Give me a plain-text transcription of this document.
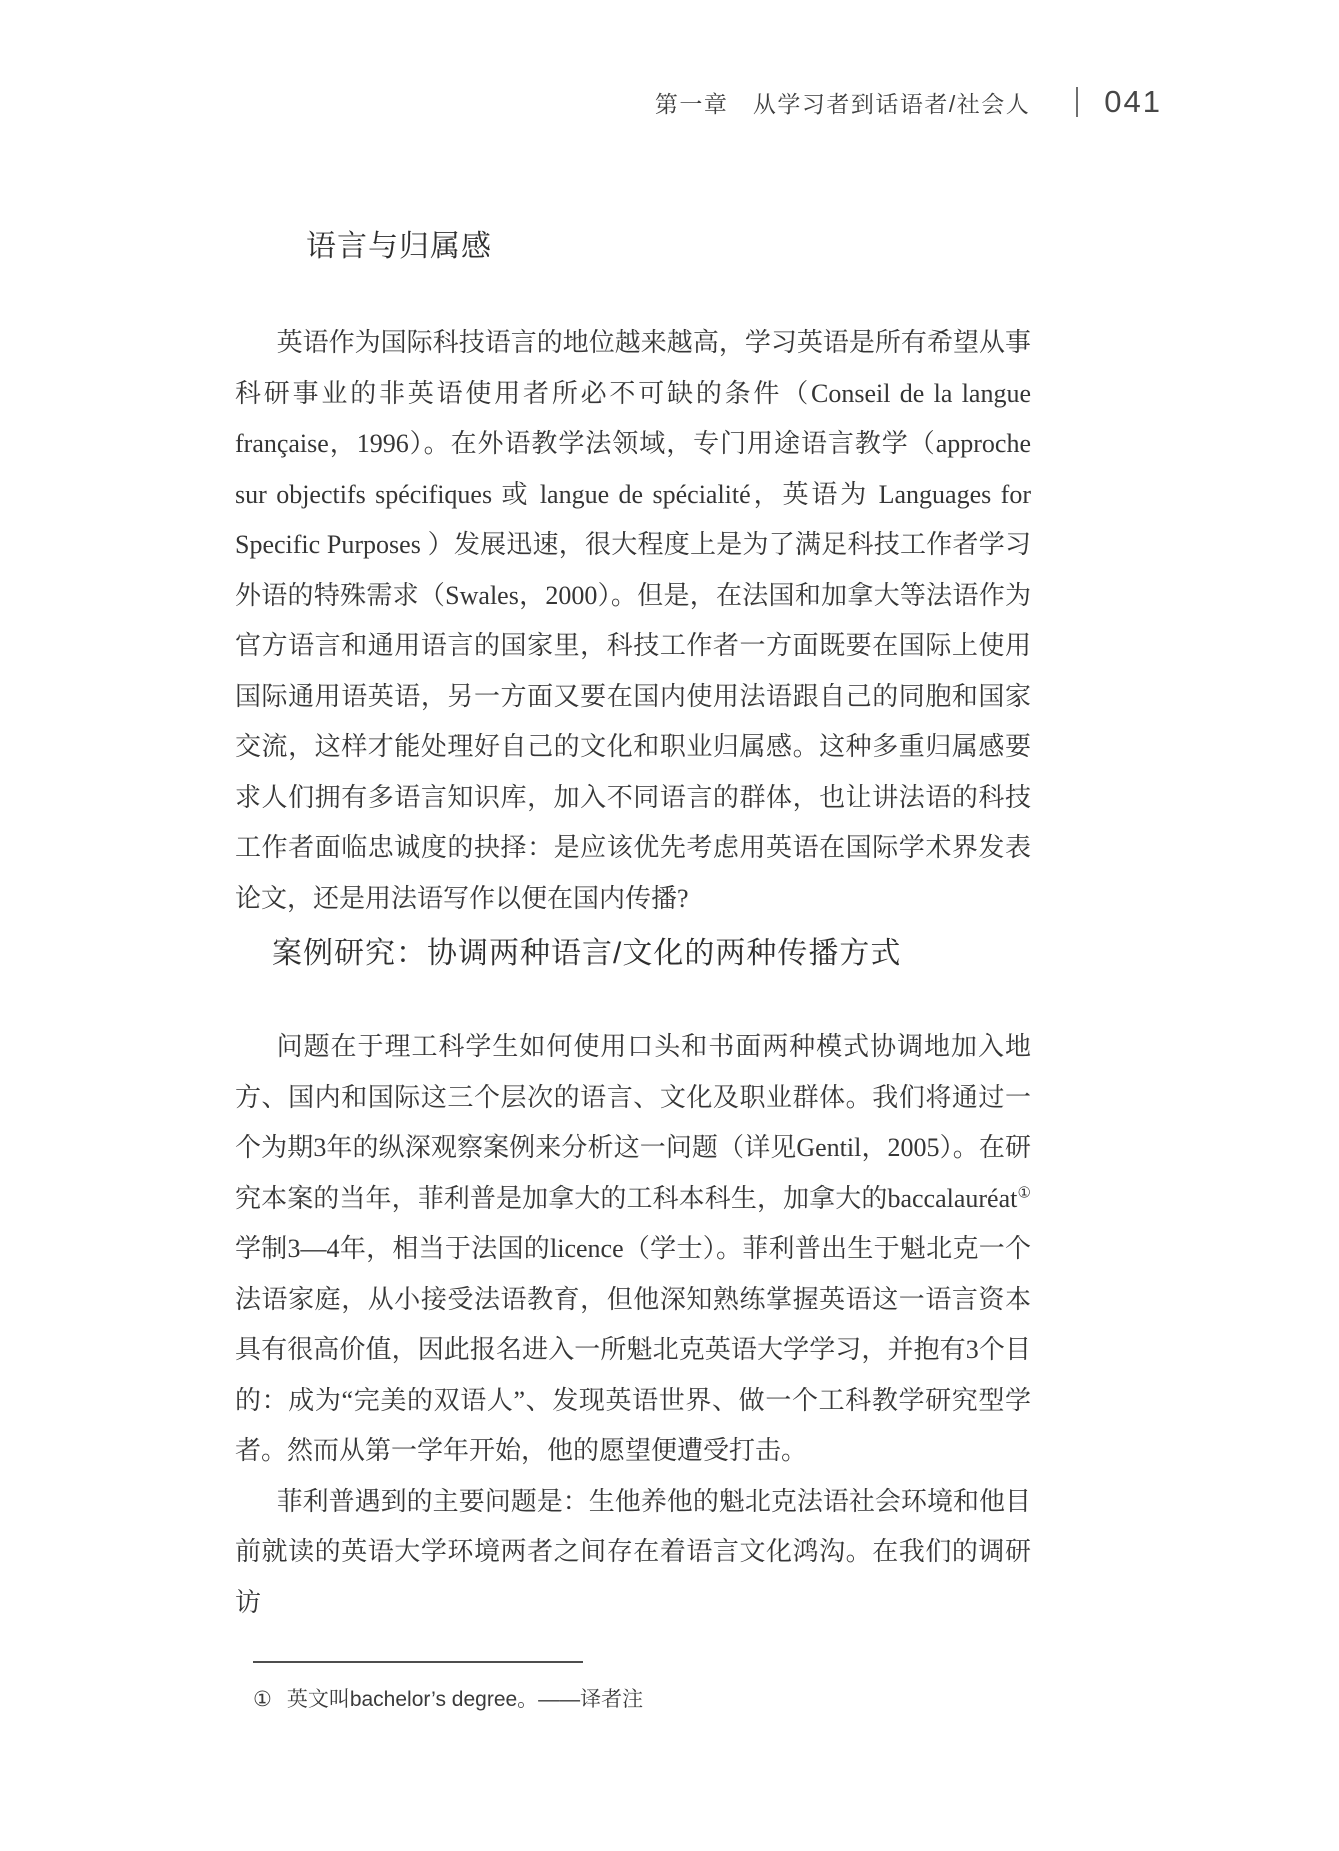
第一章　从学习者到话语者/社会人 041
语言与归属感

英语作为国际科技语言的地位越来越高，学习英语是所有希望从事科研事业的非英语使用者所必不可缺的条件（Conseil de la langue française，1996）。在外语教学法领域，专门用途语言教学（approche sur objectifs spécifiques 或 langue de spécialité，英语为 Languages for Specific Purposes ）发展迅速，很大程度上是为了满足科技工作者学习外语的特殊需求（Swales，2000）。但是，在法国和加拿大等法语作为官方语言和通用语言的国家里，科技工作者一方面既要在国际上使用国际通用语英语，另一方面又要在国内使用法语跟自己的同胞和国家交流，这样才能处理好自己的文化和职业归属感。这种多重归属感要求人们拥有多语言知识库，加入不同语言的群体，也让讲法语的科技工作者面临忠诚度的抉择：是应该优先考虑用英语在国际学术界发表论文，还是用法语写作以便在国内传播?

案例研究：协调两种语言/文化的两种传播方式

问题在于理工科学生如何使用口头和书面两种模式协调地加入地方、国内和国际这三个层次的语言、文化及职业群体。我们将通过一个为期3年的纵深观察案例来分析这一问题（详见Gentil，2005）。在研究本案的当年，菲利普是加拿大的工科本科生，加拿大的baccalauréat①学制3—4年，相当于法国的licence（学士）。菲利普出生于魁北克一个法语家庭，从小接受法语教育，但他深知熟练掌握英语这一语言资本具有很高价值，因此报名进入一所魁北克英语大学学习，并抱有3个目的：成为“完美的双语人”、发现英语世界、做一个工科教学研究型学者。然而从第一学年开始，他的愿望便遭受打击。

菲利普遇到的主要问题是：生他养他的魁北克法语社会环境和他目前就读的英语大学环境两者之间存在着语言文化鸿沟。在我们的调研访

① 英文叫bachelor’s degree。——译者注
